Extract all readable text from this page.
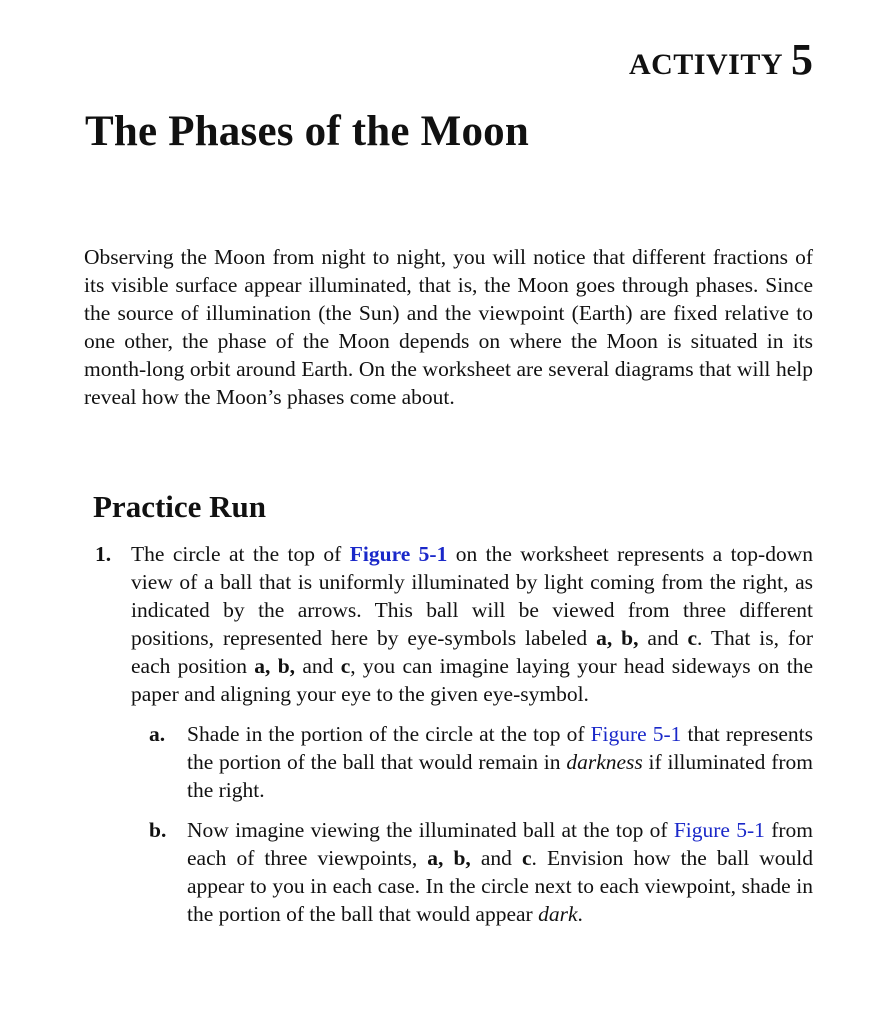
ACTIVITY 5
The Phases of the Moon

Observing the Moon from night to night, you will notice that different fractions of its visible surface appear illuminated, that is, the Moon goes through phases. Since the source of illumination (the Sun) and the viewpoint (Earth) are fixed relative to one other, the phase of the Moon depends on where the Moon is situated in its month-long orbit around Earth. On the worksheet are several diagrams that will help reveal how the Moon’s phases come about.

Practice Run
1. The circle at the top of Figure 5-1 on the worksheet represents a top-down view of a ball that is uniformly illuminated by light coming from the right, as indicated by the arrows. This ball will be viewed from three different positions, represented here by eye-symbols labeled a, b, and c. That is, for each position a, b, and c, you can imagine laying your head sideways on the paper and aligning your eye to the given eye-symbol.
a. Shade in the portion of the circle at the top of Figure 5-1 that represents the portion of the ball that would remain in darkness if illuminated from the right.
b. Now imagine viewing the illuminated ball at the top of Figure 5-1 from each of three viewpoints, a, b, and c. Envision how the ball would appear to you in each case. In the circle next to each viewpoint, shade in the portion of the ball that would appear dark.
